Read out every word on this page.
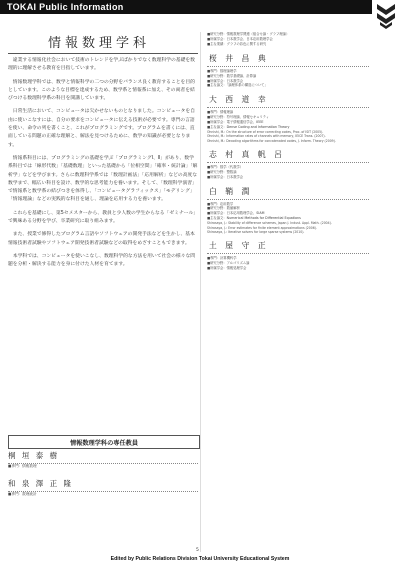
TOKAI Public Information
情報数理学科

違業する情報化社会において技術のトレンドを学ぶばかりでなく数理科学の基礎を数理的に理解させる教育を目指しています。

情報数理学科では、数学と情報科学の二つの分野をバランス良く教育することを目的としています。このような目標を達成するため、数学系と情報系に加え、その両者を結びつける数理科学系の科目を開講しています。

日常生活において、コンピュータは欠かせないものとなりました。コンピュータを自由に使いこなすには、自分の要求をコンピュータに伝える技術が必要です。専門の言語を使い、命令の列を書くこと、これがプログラミングです。プログラムを書くには、直面している問題の正確な理解と、解法を見つけるために、数学の知識が必要となります。

情報系科目には、プログラミングの基礎を学ぶ「プログラミングⅠ、Ⅱ」があり、数学系科目では「線形代数」「基礎数理」といった基礎から「位相空間」「確率・統計論」「解析学」などを学びます。さらに数理科学系では「数理計画法」「応用解析」などの高度な数学まで、幅広い科目を設け、数学的な思考能力を養います。そして、「数理科学演習」で情報系と数学系の結びつきを体得し、「コンピュータグラフィックス」「モデリング」「情報理論」などの実践的な科目を通し、理論を応用する力を養います。

これらを基礎にし、第5セメスターから、教員と少人数の学生からなる「ゼミナール」で興味ある分野を学び、卒業研究に取り組みます。

また、授業で修得したプログラム言語やソフトウェアの開発手法などを生かし、基本情報技術者試験やソフトウェア開発技術者試験などの取得をめざすこともできます。

本学科では、コンピュータを使いこなし、数理科学的な方法を用いて社会の様々な問題を分析・解決する能力を身に付けた人材を育てます。

情報数理学科の専任教員
桐 垣 泰 樹
■専門：情報数理
和 泉 澤 正 隆
■専門：数理統計
■研究分野：情報数理学関連（組合せ論・グラフ理論）
■所属学会：日本数学会、日本応用数理学会
■主な業績：グラフの彩色に関する研究
桜 井 昌 典
■専門：数理論理学
■研究分野：数学基礎論、計算論
■所属学会：日本数学会
■主な論文：「論理体系の構造について」
大 西 道 幸
■専門：情報理論
■研究分野：符号理論、情報セキュリティ
■所属学会：電子情報通信学会、IEEE
■主な論文：Dense Coding and Information Theory
Ohnishi, M.: On the structure of error correcting codes, Proc. of ISIT (2005).
Ohnishi, M.: Information rates of channels with memory, IEICE Trans. (2007).
Ohnishi, M.: Decoding algorithms for concatenated codes, J. Inform. Theory (2009).
志 村 真 帆 呂
■専門：数学（代数学）
■研究分野：整数論
■所属学会：日本数学会
白 鞘 潤
■専門：応用数学
■研究分野：数値解析
■所属学会：日本応用数理学会、SIAM
■主な論文：Numerical Methods for Differential Equations
Shirasaya, J.: Stability of difference schemes, Japan J. Indust. Appl. Math. (2004).
Shirasaya, J.: Error estimates for finite element approximations (2006).
Shirasaya, J.: Iterative solvers for large sparse systems (2010).
土 屋 守 正
■専門：計算機科学
■研究分野：アルゴリズム論
■所属学会：情報処理学会
5
Edited by Public Relations Division Tokai University Educational System
